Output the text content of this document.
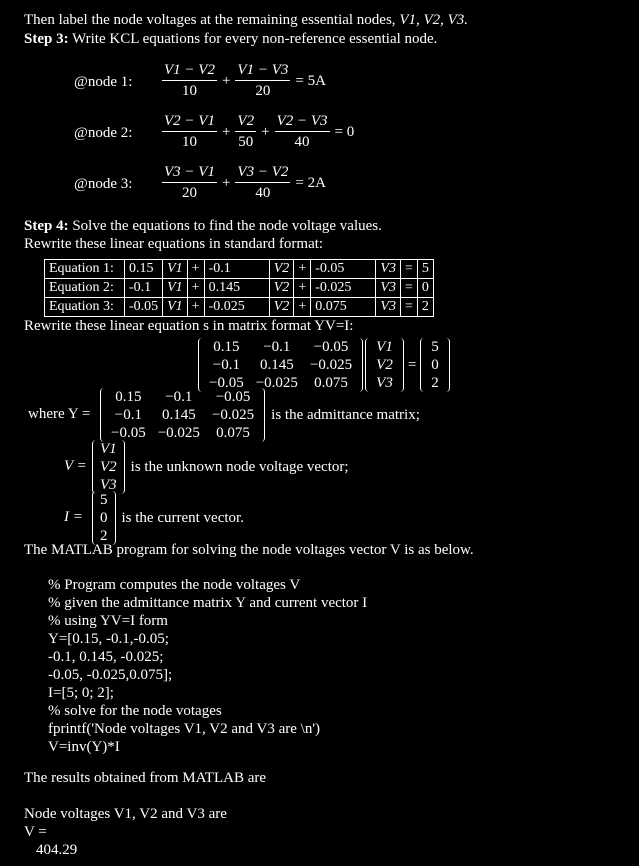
Then label the node voltages at the remaining essential nodes, V1, V2, V3.
Step 3: Write KCL equations for every non-reference essential node.
@node 1: $\frac{V1 - V2}{10} + \frac{V1 - V3}{20} = 5A$
@node 2: $\frac{V2 - V1}{10} + \frac{V2}{50} + \frac{V2 - V3}{40} = 0$
@node 3: $\frac{V3 - V1}{20} + \frac{V3 - V2}{40} = 2A$
Step 4: Solve the equations to find the node voltage values.
Rewrite these linear equations in standard format:
Equation 1:	0.15	V1	+	-0.1	V2	+	-0.05	V3	=	5
Equation 2:	-0.1	V1	+	0.145	V2	+	-0.025	V3	=	0
Equation 3:	-0.05	V1	+	-0.025	V2	+	0.075	V3	=	2
Rewrite these linear equation s in matrix format YV=I:
0.15	−0.1	−0.05
−0.1	0.145	−0.025
−0.05 −0.025	0.075
V1
V2
V3
=
5
0
2
where Y =
0.15	−0.1	−0.05
−0.1	0.145	−0.025
−0.05 −0.025	0.075
is the admittance matrix;
V =
V1
V2
V3
is the unknown node voltage vector;
I =
5
0
2
is the current vector.
The MATLAB program for solving the node voltages vector V is as below.
% Program computes the node voltages V
% given the admittance matrix Y and current vector I
% using YV=I form
Y=[0.15, -0.1,-0.05;
-0.1, 0.145, -0.025;
-0.05, -0.025,0.075];
I=[5; 0; 2];
% solve for the node votages
fprintf('Node voltages V1, V2 and V3 are \n')
V=inv(Y)*I
The results obtained from MATLAB are
Node voltages V1, V2 and V3 are
V =
404.29
